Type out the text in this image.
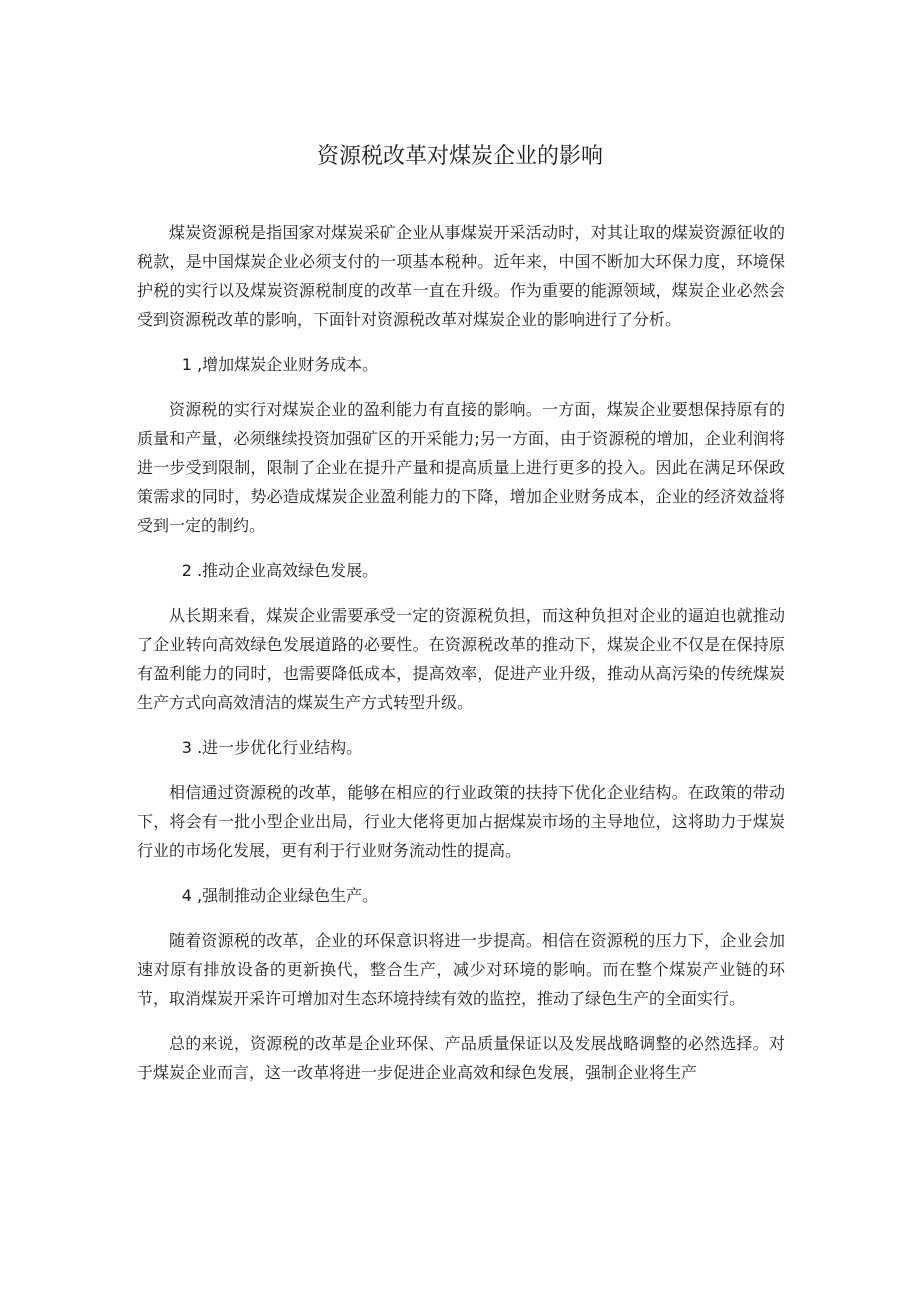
资源税改革对煤炭企业的影响

煤炭资源税是指国家对煤炭采矿企业从事煤炭开采活动时，对其让取的煤炭资源征收的税款，是中国煤炭企业必须支付的一项基本税种。近年来，中国不断加大环保力度，环境保护税的实行以及煤炭资源税制度的改革一直在升级。作为重要的能源领域，煤炭企业必然会受到资源税改革的影响，下面针对资源税改革对煤炭企业的影响进行了分析。

1 ,增加煤炭企业财务成本。

资源税的实行对煤炭企业的盈利能力有直接的影响。一方面，煤炭企业要想保持原有的质量和产量，必须继续投资加强矿区的开采能力;另一方面，由于资源税的增加，企业利润将进一步受到限制，限制了企业在提升产量和提高质量上进行更多的投入。因此在满足环保政策需求的同时，势必造成煤炭企业盈利能力的下降，增加企业财务成本，企业的经济效益将受到一定的制约。

2 .推动企业高效绿色发展。

从长期来看，煤炭企业需要承受一定的资源税负担，而这种负担对企业的逼迫也就推动了企业转向高效绿色发展道路的必要性。在资源税改革的推动下，煤炭企业不仅是在保持原有盈利能力的同时，也需要降低成本，提高效率，促进产业升级，推动从高污染的传统煤炭生产方式向高效清洁的煤炭生产方式转型升级。

3 .进一步优化行业结构。

相信通过资源税的改革，能够在相应的行业政策的扶持下优化企业结构。在政策的带动下，将会有一批小型企业出局，行业大佬将更加占据煤炭市场的主导地位，这将助力于煤炭行业的市场化发展，更有利于行业财务流动性的提高。

4 ,强制推动企业绿色生产。

随着资源税的改革，企业的环保意识将进一步提高。相信在资源税的压力下，企业会加速对原有排放设备的更新换代，整合生产，减少对环境的影响。而在整个煤炭产业链的环节，取消煤炭开采许可增加对生态环境持续有效的监控，推动了绿色生产的全面实行。

总的来说，资源税的改革是企业环保、产品质量保证以及发展战略调整的必然选择。对于煤炭企业而言，这一改革将进一步促进企业高效和绿色发展，强制企业将生产
